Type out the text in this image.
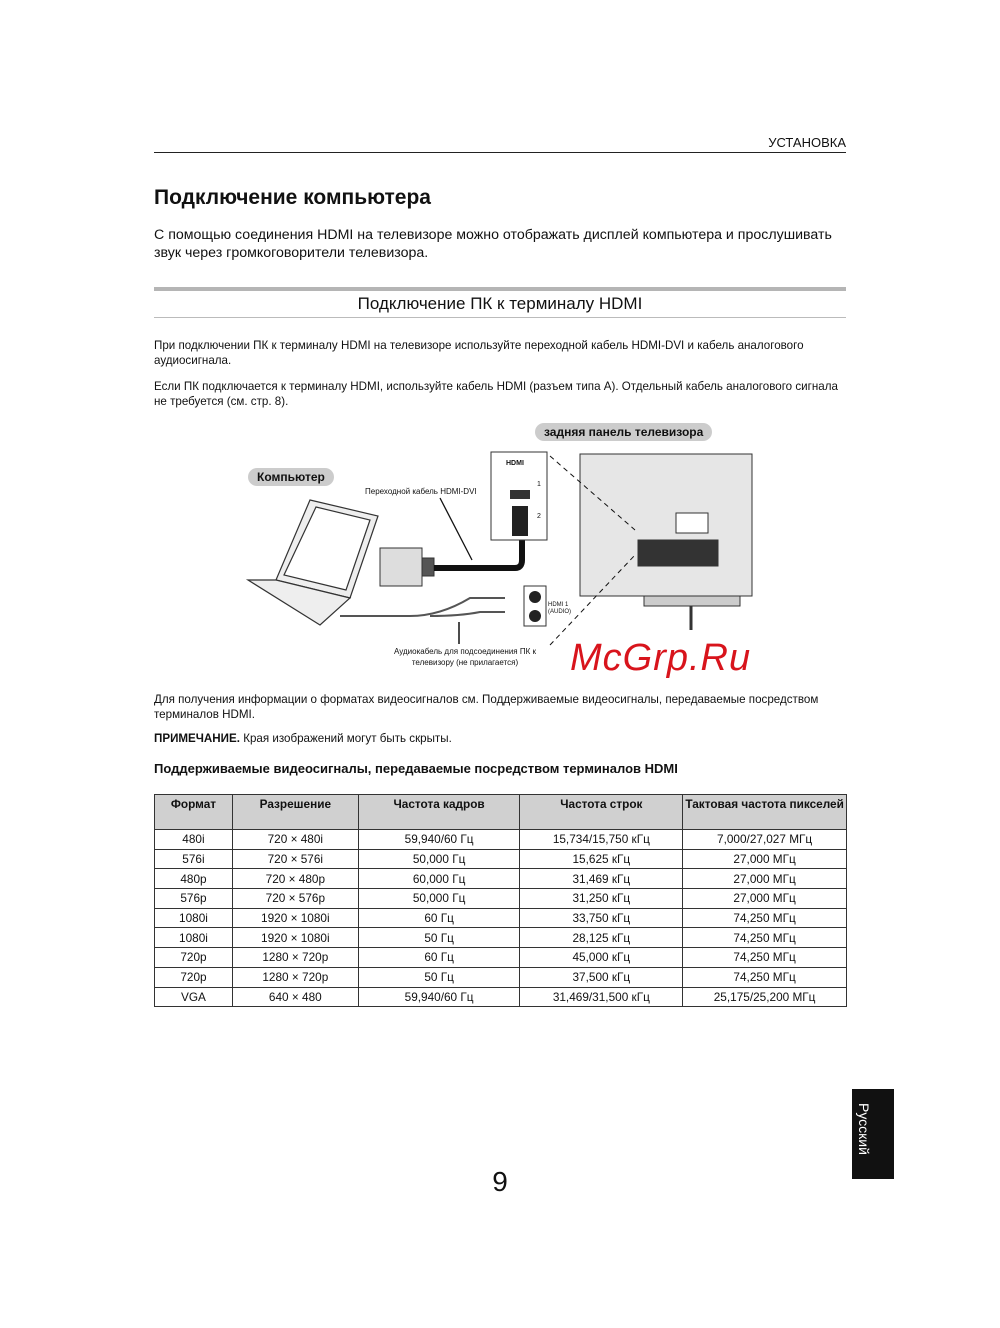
УСТАНОВКА
Подключение компьютера
С помощью соединения HDMI на телевизоре можно отображать дисплей компьютера и прослушивать звук через громкоговорители телевизора.
Подключение ПК к терминалу HDMI
При подключении ПК к терминалу HDMI на телевизоре используйте переходной кабель HDMI-DVI и кабель аналогового аудиосигнала.
Если ПК подключается к терминалу HDMI, используйте кабель HDMI (разъем типа A). Отдельный кабель аналогового сигнала не требуется (см. стр. 8).
HDMI
1
2
HDMI 1 (AUDIO)
задняя панель телевизора
Компьютер
Переходной кабель HDMI-DVI
Аудиокабель для подсоединения ПК к телевизору (не прилагается)	McGrp.Ru
Для получения информации о форматах видеосигналов см. Поддерживаемые видеосигналы, передаваемые посредством терминалов HDMI.
ПРИМЕЧАНИЕ. Края изображений могут быть скрыты.
Поддерживаемые видеосигналы, передаваемые посредством терминалов HDMI
Формат	Разрешение	Частота кадров	Частота строк	Тактовая частота пикселей
480i	720 × 480i	59,940/60 Гц	15,734/15,750 кГц	7,000/27,027 МГц
576i	720 × 576i	50,000 Гц	15,625 кГц	27,000 МГц
480p	720 × 480p	60,000 Гц	31,469 кГц	27,000 МГц
576p	720 × 576p	50,000 Гц	31,250 кГц	27,000 МГц
1080i	1920 × 1080i	60 Гц	33,750 кГц	74,250 МГц
1080i	1920 × 1080i	50 Гц	28,125 кГц	74,250 МГц
720p	1280 × 720p	60 Гц	45,000 кГц	74,250 МГц
720p	1280 × 720p	50 Гц	37,500 кГц	74,250 МГц
VGA	640 × 480	59,940/60 Гц	31,469/31,500 кГц	25,175/25,200 МГц
Русский
9
